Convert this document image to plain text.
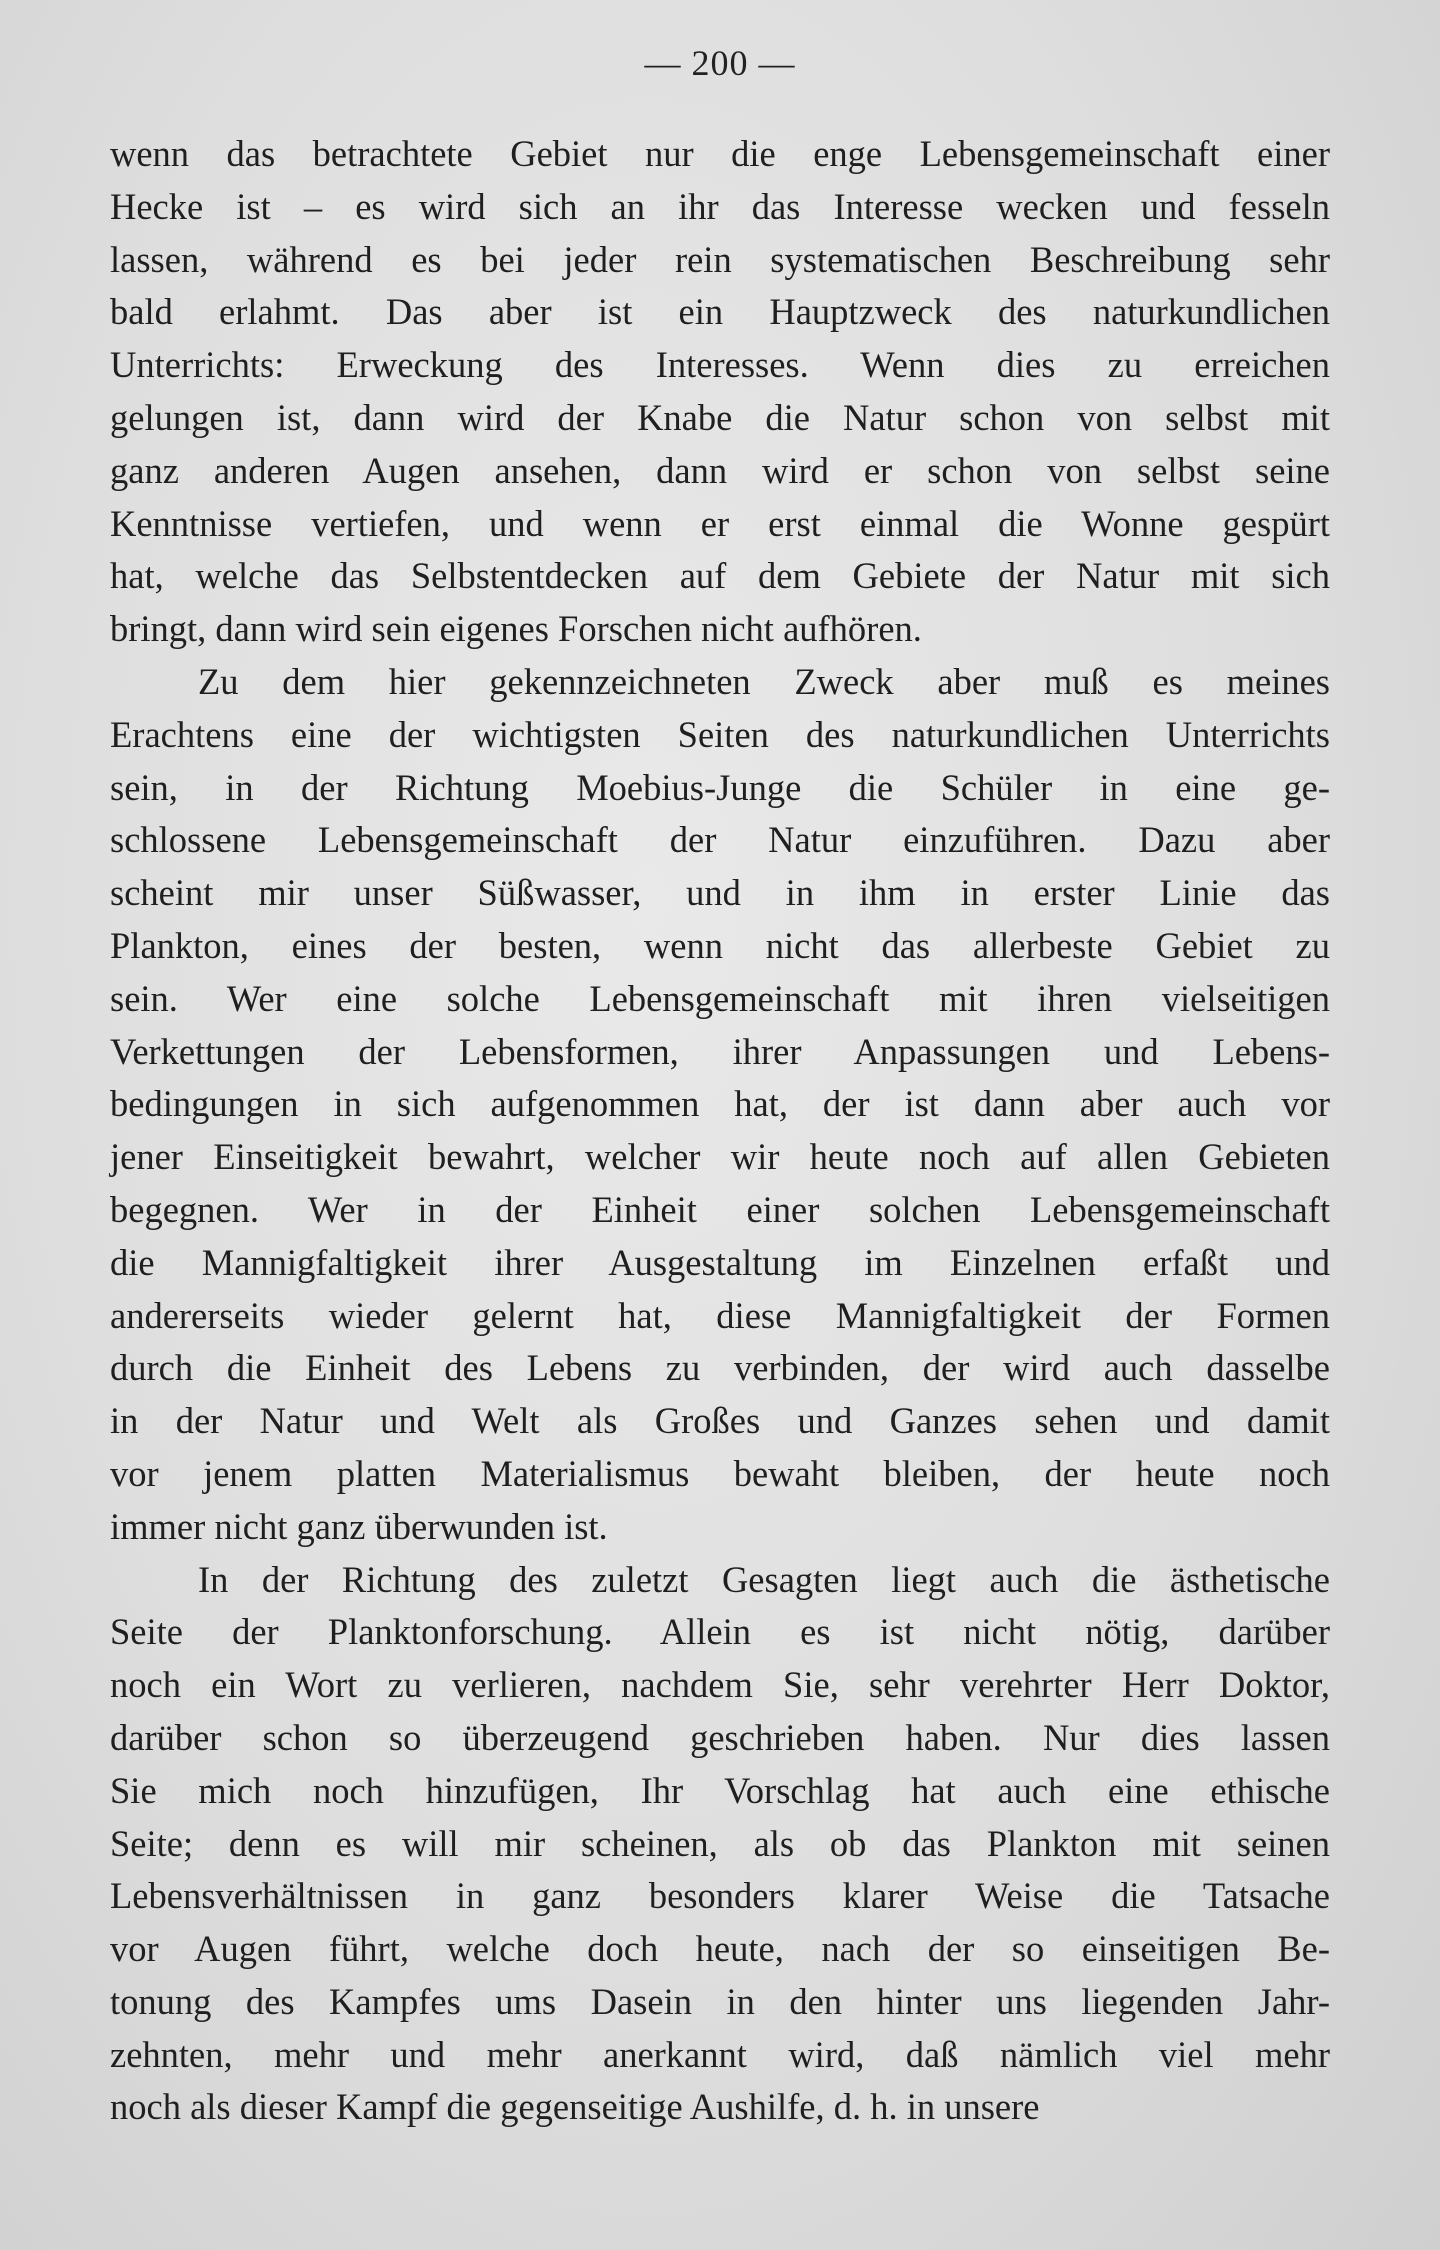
— 200 —
wenn das betrachtete Gebiet nur die enge Lebensgemeinschaft einer
Hecke ist – es wird sich an ihr das Interesse wecken und fesseln
lassen, während es bei jeder rein systematischen Beschreibung sehr
bald erlahmt. Das aber ist ein Hauptzweck des naturkundlichen
Unterrichts: Erweckung des Interesses. Wenn dies zu erreichen
gelungen ist, dann wird der Knabe die Natur schon von selbst mit
ganz anderen Augen ansehen, dann wird er schon von selbst seine
Kenntnisse vertiefen, und wenn er erst einmal die Wonne gespürt
hat, welche das Selbstentdecken auf dem Gebiete der Natur mit sich
bringt, dann wird sein eigenes Forschen nicht aufhören.
Zu dem hier gekennzeichneten Zweck aber muß es meines
Erachtens eine der wichtigsten Seiten des naturkundlichen Unterrichts
sein, in der Richtung Moebius-Junge die Schüler in eine ge-
schlossene Lebensgemeinschaft der Natur einzuführen. Dazu aber
scheint mir unser Süßwasser, und in ihm in erster Linie das
Plankton, eines der besten, wenn nicht das allerbeste Gebiet zu
sein. Wer eine solche Lebensgemeinschaft mit ihren vielseitigen
Verkettungen der Lebensformen, ihrer Anpassungen und Lebens-
bedingungen in sich aufgenommen hat, der ist dann aber auch vor
jener Einseitigkeit bewahrt, welcher wir heute noch auf allen Gebieten
begegnen. Wer in der Einheit einer solchen Lebensgemeinschaft
die Mannigfaltigkeit ihrer Ausgestaltung im Einzelnen erfaßt und
andererseits wieder gelernt hat, diese Mannigfaltigkeit der Formen
durch die Einheit des Lebens zu verbinden, der wird auch dasselbe
in der Natur und Welt als Großes und Ganzes sehen und damit
vor jenem platten Materialismus bewaht bleiben, der heute noch
immer nicht ganz überwunden ist.
In der Richtung des zuletzt Gesagten liegt auch die ästhetische
Seite der Planktonforschung. Allein es ist nicht nötig, darüber
noch ein Wort zu verlieren, nachdem Sie, sehr verehrter Herr Doktor,
darüber schon so überzeugend geschrieben haben. Nur dies lassen
Sie mich noch hinzufügen, Ihr Vorschlag hat auch eine ethische
Seite; denn es will mir scheinen, als ob das Plankton mit seinen
Lebensverhältnissen in ganz besonders klarer Weise die Tatsache
vor Augen führt, welche doch heute, nach der so einseitigen Be-
tonung des Kampfes ums Dasein in den hinter uns liegenden Jahr-
zehnten, mehr und mehr anerkannt wird, daß nämlich viel mehr
noch als dieser Kampf die gegenseitige Aushilfe, d. h. in unsere
